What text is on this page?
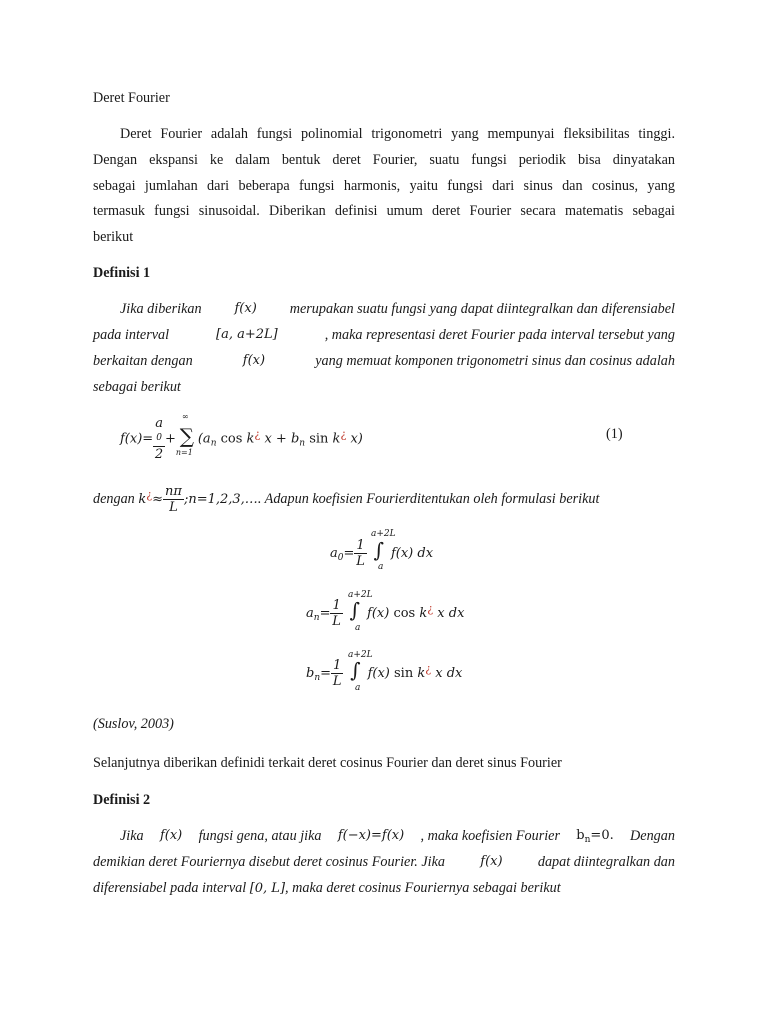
Deret Fourier
Deret Fourier adalah fungsi polinomial trigonometri yang mempunyai fleksibilitas tinggi.
Dengan ekspansi ke dalam bentuk deret Fourier, suatu fungsi periodik bisa dinyatakan
sebagai jumlahan dari beberapa fungsi harmonis, yaitu fungsi dari sinus dan cosinus, yang
termasuk fungsi sinusoidal. Diberikan definisi umum deret Fourier secara matematis sebagai
berikut
Definisi 1
Jika diberikan	f(x) merupakan suatu fungsi yang dapat diintegralkan dan diferensiabel
pada interval	[a, a+2L]	, maka representasi deret Fourier pada interval tersebut yang
berkaitan dengan	f(x)	yang memuat komponen trigonometri sinus dan cosinus adalah
sebagai berikut
f(x)= a
0
2 +
∞
∑
n=1
($a_n$ cos k¿ $x + b_n$ sin k¿ x)	(1)
dengan $k^¿\approx \frac{n\pi}{L}$ ;n=1,2,3,…. Adapun koefisien Fourierditentukan oleh formulasi berikut
$a_0= \frac{1}{L}$ ∫ f(x) dx
a+2L
a
$a_n= \frac{1}{L}$ ∫ f(x) cos k¿ x dx
a+2L
a
$b_n= \frac{1}{L}$ ∫ f(x) sin k¿ x dx
a+2L
a
(Suslov, 2003)
Selanjutnya diberikan definidi terkait deret cosinus Fourier dan deret sinus Fourier
Definisi 2
Jika f(x) fungsi gena, atau jika f(−x)=f(x) , maka koefisien Fourier $b_n=0$. Dengan
demikian deret Fouriernya disebut deret cosinus Fourier. Jika	f(x) dapat diintegralkan dan
diferensiabel pada interval [0, L], maka deret cosinus Fouriernya sebagai berikut
